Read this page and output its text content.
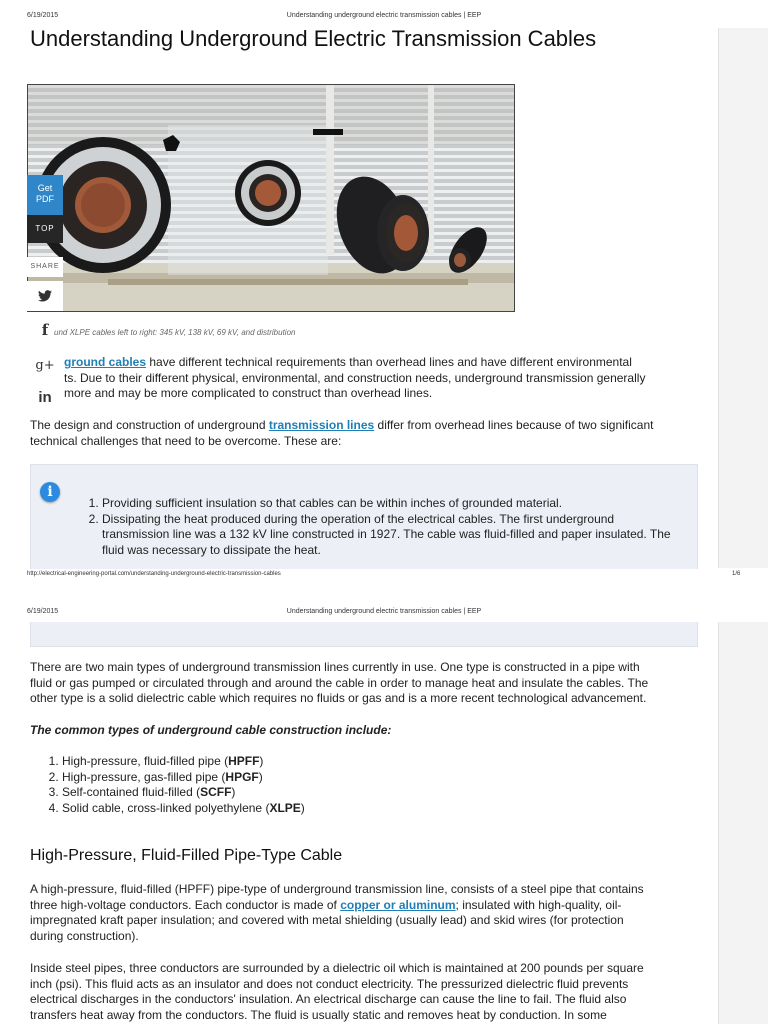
6/19/2015	Understanding underground electric transmission cables | EEP
Understanding Underground Electric Transmission Cables
Get
PDF
TOP
SHARE
f
g+
in
und XLPE cables left to right: 345 kV, 138 kV, 69 kV, and distribution
ground cables have different technical requirements than overhead lines and have different environmental
ts. Due to their different physical, environmental, and construction needs, underground transmission generally
more and may be more complicated to construct than overhead lines.
The design and construction of underground transmission lines differ from overhead lines because of two significant
technical challenges that need to be overcome. These are:
i
1. Providing sufficient insulation so that cables can be within inches of grounded material.
2. Dissipating the heat produced during the operation of the electrical cables. The first underground transmission line was a 132 kV line constructed in 1927. The cable was fluid-filled and paper insulated. The fluid was necessary to dissipate the heat.
http://electrical-engineering-portal.com/understanding-underground-electric-transmission-cables	1/6
6/19/2015	Understanding underground electric transmission cables | EEP
There are two main types of underground transmission lines currently in use. One type is constructed in a pipe with
fluid or gas pumped or circulated through and around the cable in order to manage heat and insulate the cables. The
other type is a solid dielectric cable which requires no fluids or gas and is a more recent technological advancement.
The common types of underground cable construction include:
1. High-pressure, fluid-filled pipe (HPFF)
2. High-pressure, gas-filled pipe (HPGF)
3. Self-contained fluid-filled (SCFF)
4. Solid cable, cross-linked polyethylene (XLPE)
High-Pressure, Fluid-Filled Pipe-Type Cable
A high-pressure, fluid-filled (HPFF) pipe-type of underground transmission line, consists of a steel pipe that contains
three high-voltage conductors. Each conductor is made of copper or aluminum; insulated with high-quality, oil-
impregnated kraft paper insulation; and covered with metal shielding (usually lead) and skid wires (for protection
during construction).
Inside steel pipes, three conductors are surrounded by a dielectric oil which is maintained at 200 pounds per square
inch (psi). This fluid acts as an insulator and does not conduct electricity. The pressurized dielectric fluid prevents
electrical discharges in the conductors' insulation. An electrical discharge can cause the line to fail. The fluid also
transfers heat away from the conductors. The fluid is usually static and removes heat by conduction. In some
